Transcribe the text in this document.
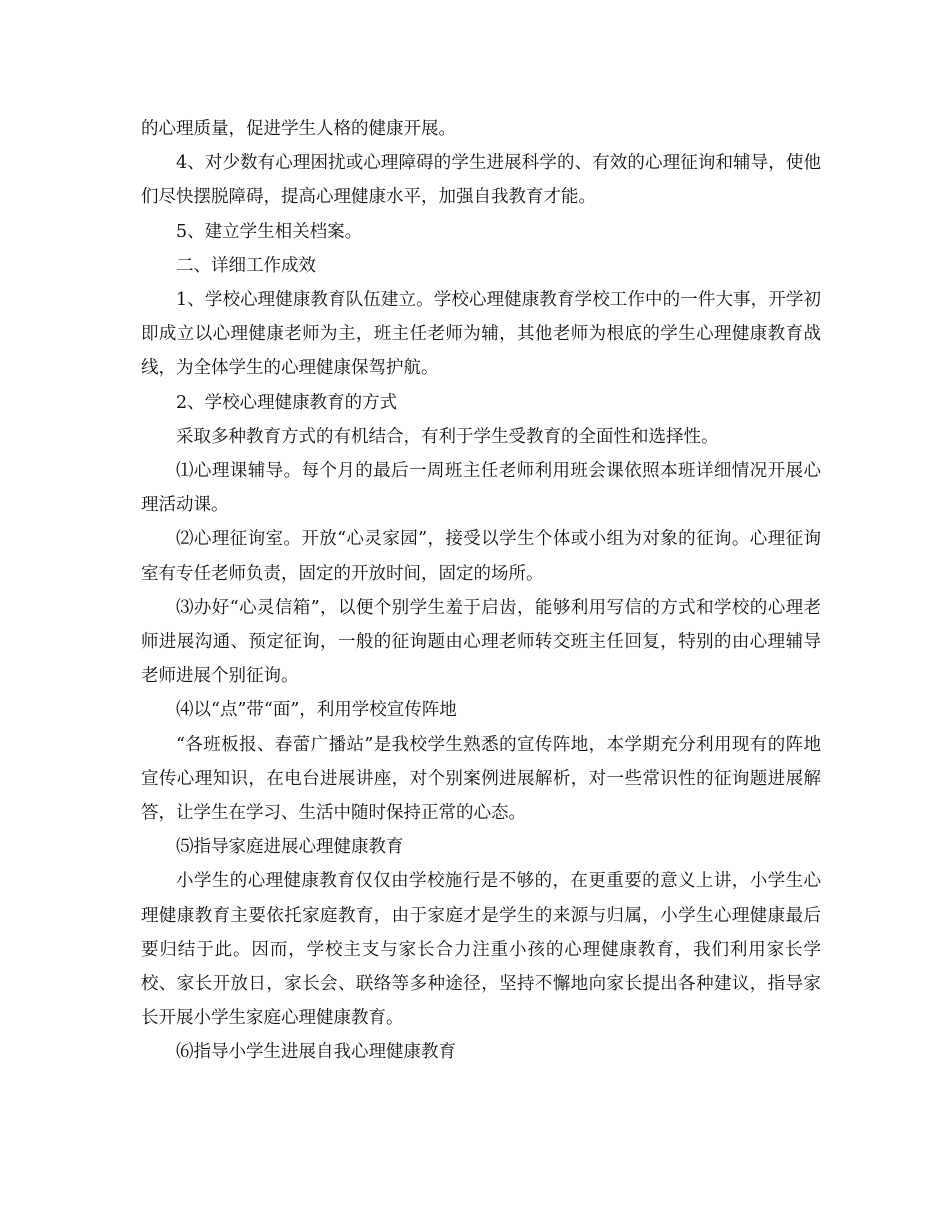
的心理质量，促进学生人格的健康开展。

4、对少数有心理困扰或心理障碍的学生进展科学的、有效的心理征询和辅导，使他们尽快摆脱障碍，提高心理健康水平，加强自我教育才能。

5、建立学生相关档案。

二、详细工作成效

1、学校心理健康教育队伍建立。学校心理健康教育学校工作中的一件大事，开学初即成立以心理健康老师为主，班主任老师为辅，其他老师为根底的学生心理健康教育战线，为全体学生的心理健康保驾护航。

2、学校心理健康教育的方式

采取多种教育方式的有机结合，有利于学生受教育的全面性和选择性。

⑴心理课辅导。每个月的最后一周班主任老师利用班会课依照本班详细情况开展心理活动课。

⑵心理征询室。开放“心灵家园”，接受以学生个体或小组为对象的征询。心理征询室有专任老师负责，固定的开放时间，固定的场所。

⑶办好“心灵信箱”，以便个别学生羞于启齿，能够利用写信的方式和学校的心理老师进展沟通、预定征询，一般的征询题由心理老师转交班主任回复，特别的由心理辅导老师进展个别征询。

⑷以“点”带“面”，利用学校宣传阵地

“各班板报、春蕾广播站”是我校学生熟悉的宣传阵地，本学期充分利用现有的阵地宣传心理知识，在电台进展讲座，对个别案例进展解析，对一些常识性的征询题进展解答，让学生在学习、生活中随时保持正常的心态。

⑸指导家庭进展心理健康教育

小学生的心理健康教育仅仅由学校施行是不够的，在更重要的意义上讲，小学生心理健康教育主要依托家庭教育，由于家庭才是学生的来源与归属，小学生心理健康最后要归结于此。因而，学校主支与家长合力注重小孩的心理健康教育，我们利用家长学校、家长开放日，家长会、联络等多种途径，坚持不懈地向家长提出各种建议，指导家长开展小学生家庭心理健康教育。

⑹指导小学生进展自我心理健康教育
